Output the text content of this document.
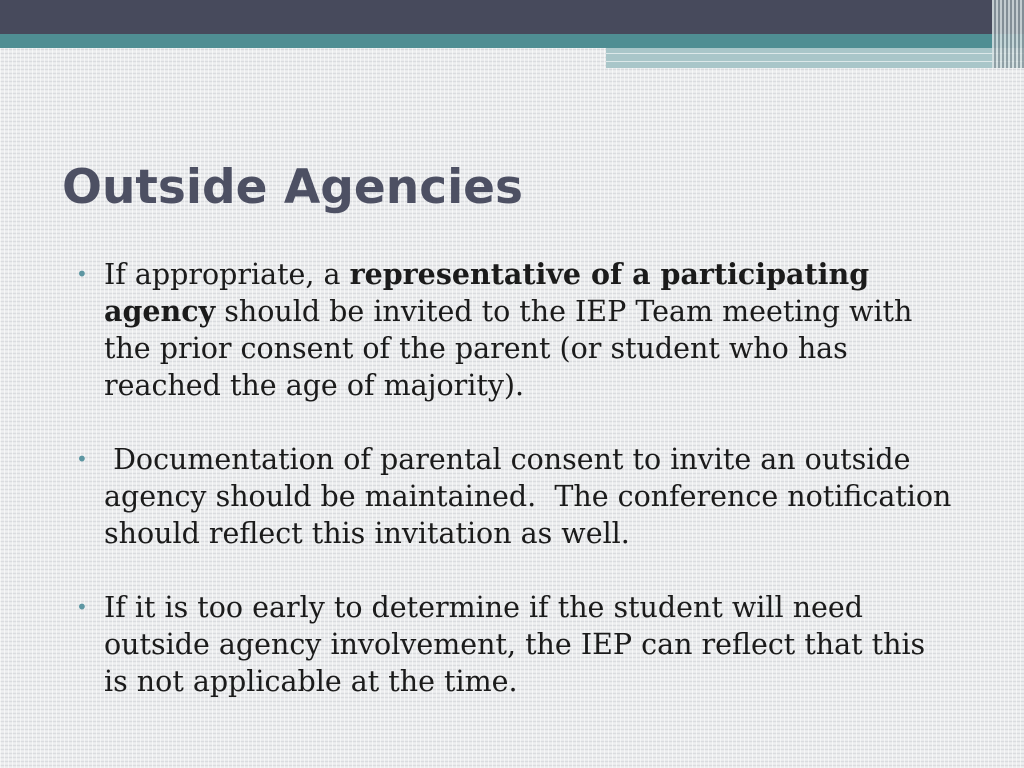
Outside Agencies
• If appropriate, a representative of a participating agency should be invited to the IEP Team meeting with the prior consent of the parent (or student who has reached the age of majority).
• Documentation of parental consent to invite an outside agency should be maintained.  The conference notification should reflect this invitation as well.
• If it is too early to determine if the student will need outside agency involvement, the IEP can reflect that this is not applicable at the time.
